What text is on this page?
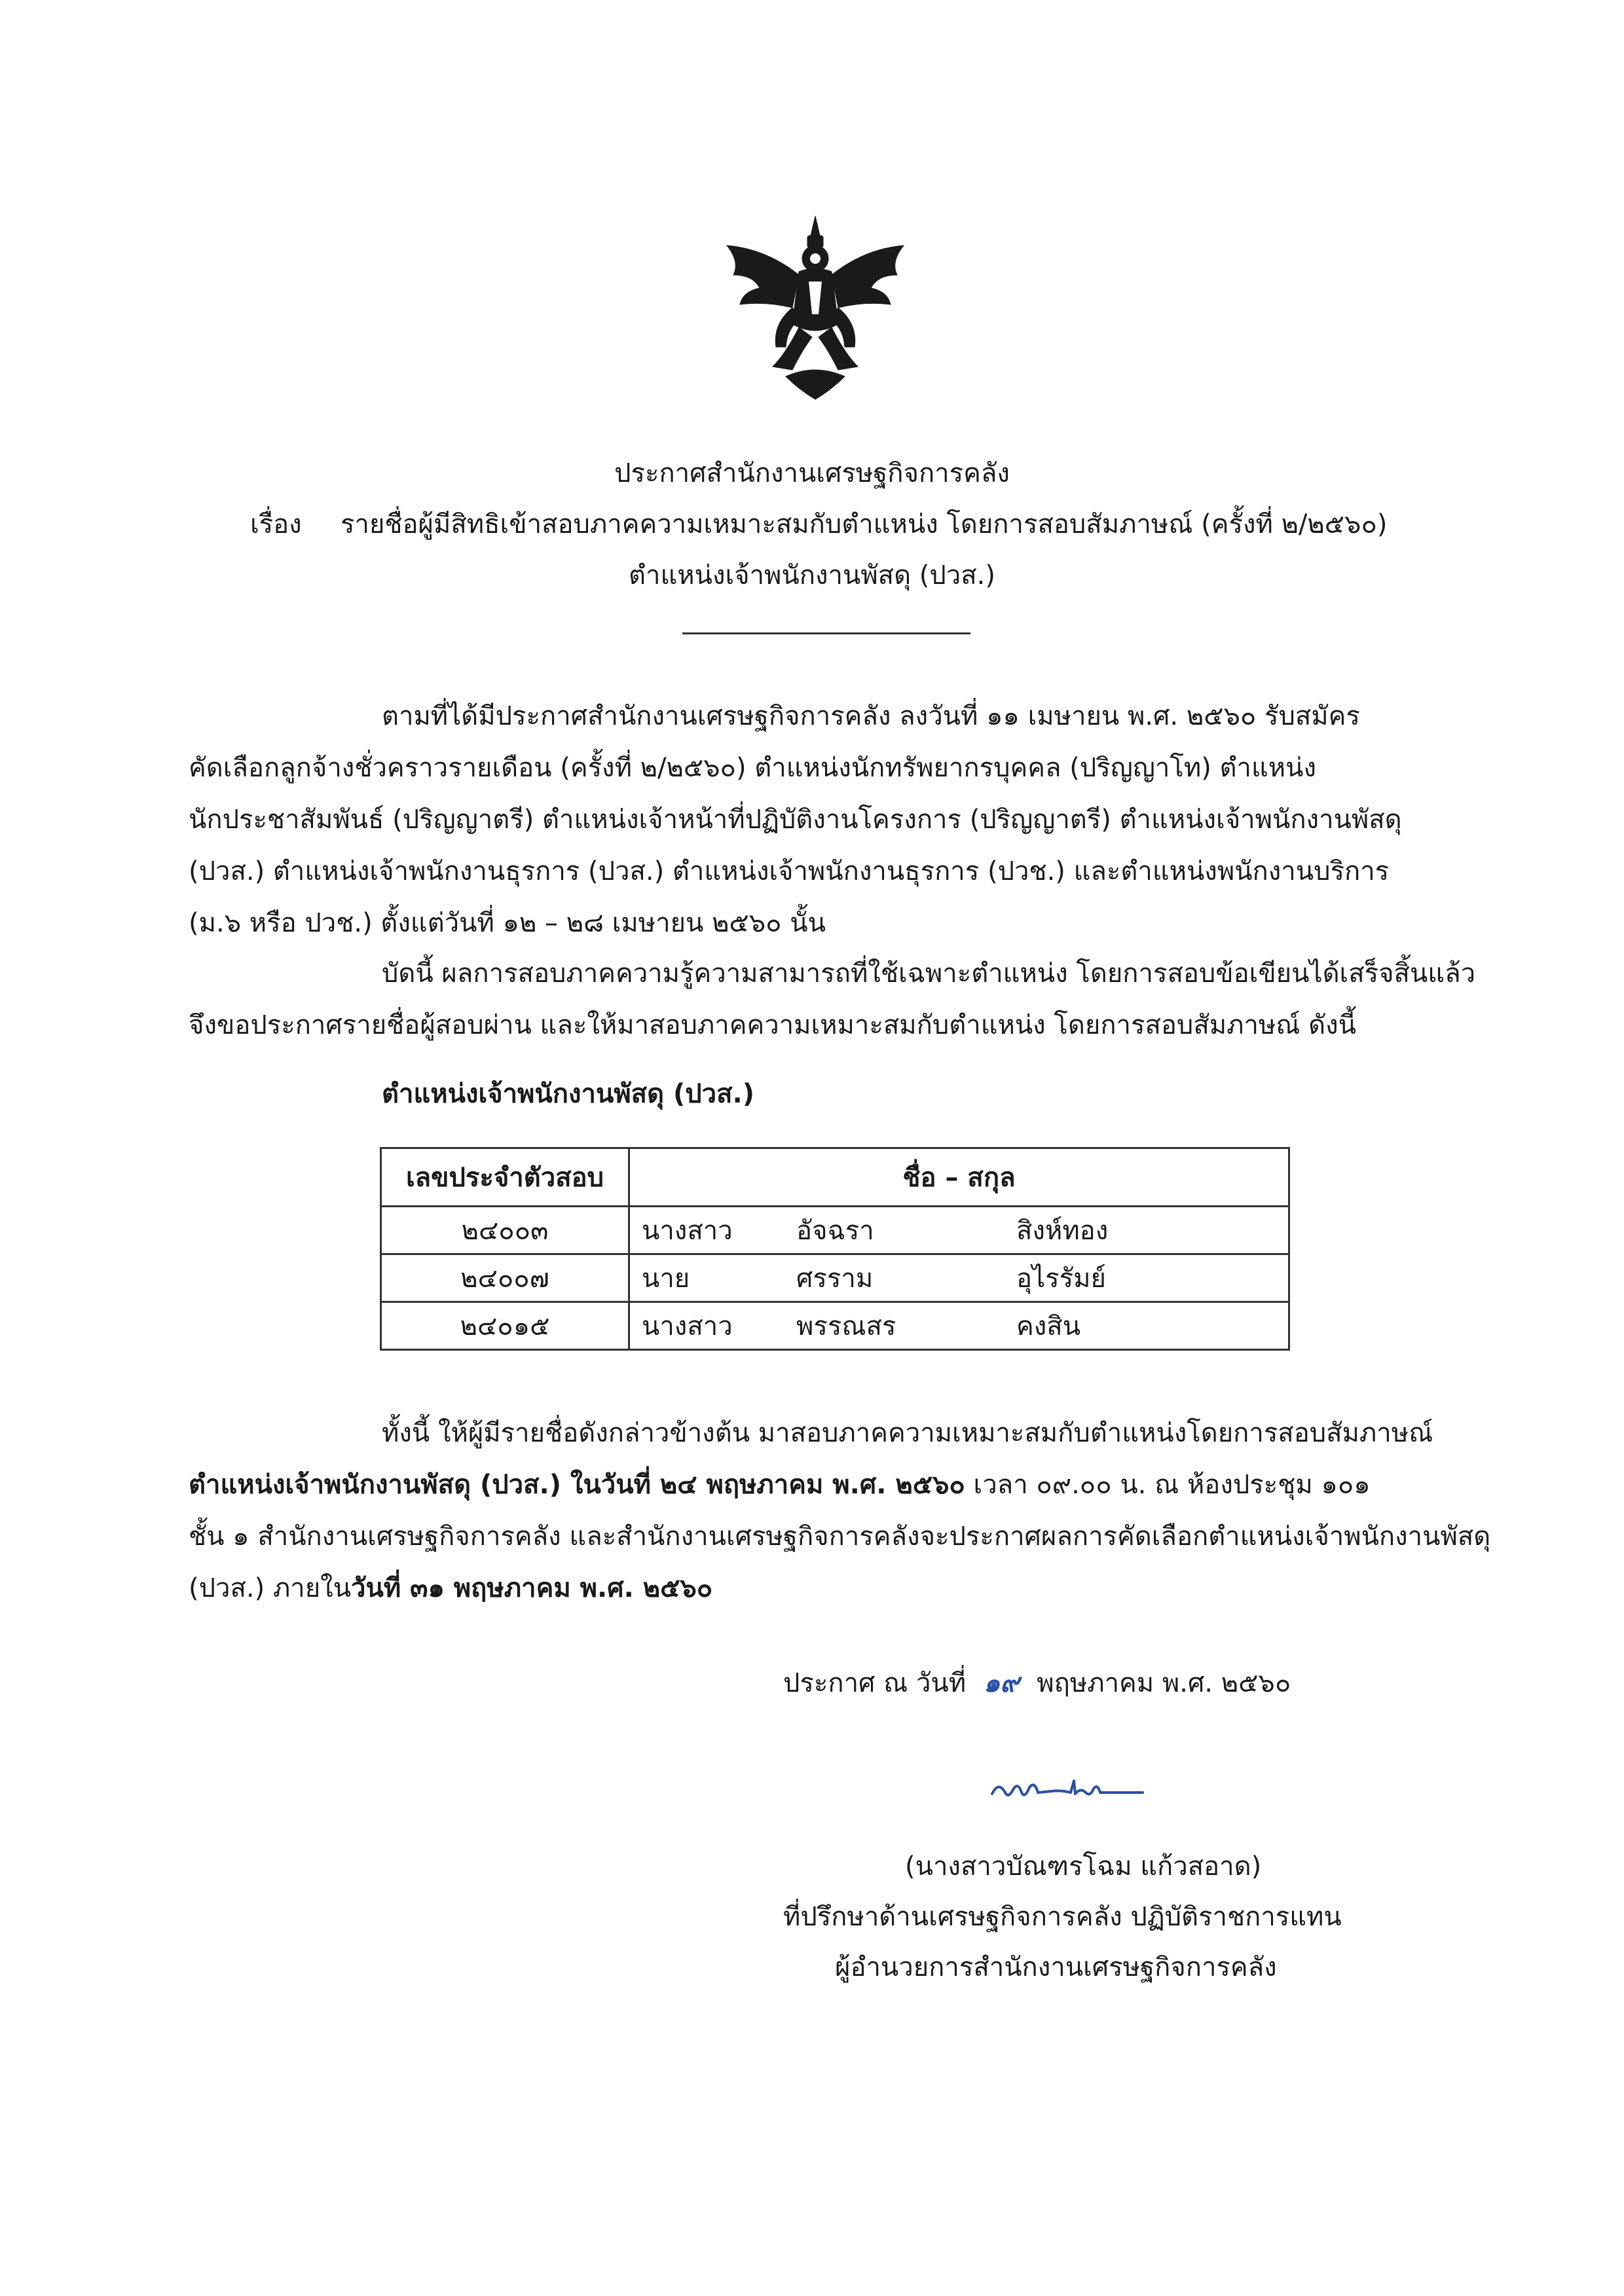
ประกาศสำนักงานเศรษฐกิจการคลัง
เรื่อง รายชื่อผู้มีสิทธิเข้าสอบภาคความเหมาะสมกับตำแหน่ง โดยการสอบสัมภาษณ์ (ครั้งที่ ๒/๒๕๖๐)
ตำแหน่งเจ้าพนักงานพัสดุ (ปวส.)
ตามที่ได้มีประกาศสำนักงานเศรษฐกิจการคลัง ลงวันที่ ๑๑ เมษายน พ.ศ. ๒๕๖๐ รับสมัคร
คัดเลือกลูกจ้างชั่วคราวรายเดือน (ครั้งที่ ๒/๒๕๖๐) ตำแหน่งนักทรัพยากรบุคคล (ปริญญาโท) ตำแหน่ง
นักประชาสัมพันธ์ (ปริญญาตรี) ตำแหน่งเจ้าหน้าที่ปฏิบัติงานโครงการ (ปริญญาตรี) ตำแหน่งเจ้าพนักงานพัสดุ
(ปวส.) ตำแหน่งเจ้าพนักงานธุรการ (ปวส.) ตำแหน่งเจ้าพนักงานธุรการ (ปวช.) และตำแหน่งพนักงานบริการ
(ม.๖ หรือ ปวช.) ตั้งแต่วันที่ ๑๒ – ๒๘ เมษายน ๒๕๖๐ นั้น
บัดนี้ ผลการสอบภาคความรู้ความสามารถที่ใช้เฉพาะตำแหน่ง โดยการสอบข้อเขียนได้เสร็จสิ้นแล้ว
จึงขอประกาศรายชื่อผู้สอบผ่าน และให้มาสอบภาคความเหมาะสมกับตำแหน่ง โดยการสอบสัมภาษณ์ ดังนี้
ตำแหน่งเจ้าพนักงานพัสดุ (ปวส.)
เลขประจำตัวสอบ	ชื่อ – สกุล		
๒๔๐๐๓	นางสาว	อัจฉรา	สิงห์ทอง
๒๔๐๐๗	นาย	ศรราม	อุไรรัมย์
๒๔๐๑๕	นางสาว	พรรณสร	คงสิน
ทั้งนี้ ให้ผู้มีรายชื่อดังกล่าวข้างต้น มาสอบภาคความเหมาะสมกับตำแหน่งโดยการสอบสัมภาษณ์
ตำแหน่งเจ้าพนักงานพัสดุ (ปวส.) ในวันที่ ๒๔ พฤษภาคม พ.ศ. ๒๕๖๐ เวลา ๐๙.๐๐ น. ณ ห้องประชุม ๑๐๑
ชั้น ๑ สำนักงานเศรษฐกิจการคลัง และสำนักงานเศรษฐกิจการคลังจะประกาศผลการคัดเลือกตำแหน่งเจ้าพนักงานพัสดุ
(ปวส.) ภายในวันที่ ๓๑ พฤษภาคม พ.ศ. ๒๕๖๐
ประกาศ ณ วันที่ ๑๙ พฤษภาคม พ.ศ. ๒๕๖๐
(นางสาวบัณฑรโฉม แก้วสอาด)
ที่ปรึกษาด้านเศรษฐกิจการคลัง ปฏิบัติราชการแทน
ผู้อำนวยการสำนักงานเศรษฐกิจการคลัง
